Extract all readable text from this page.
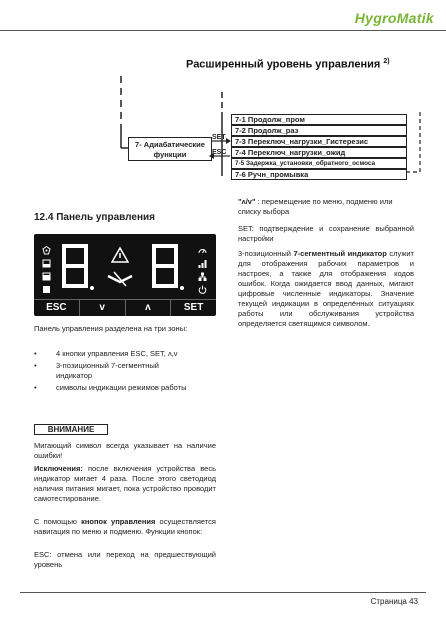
HygroMatik
Расширенный уровень управления $^{2)}$
7- Адиабатические
функции
SET
ESC
7-1 Продолж_пром
7-2 Продолж_раз
7-3 Переключ_нагрузки_Гистерезис
7-4 Переключ_нагрузки_ожид
7-5 Задержка_установки_обратного_осмоса
7-6 Ручн_промывка
12.4 Панель управления
ESC	v	ʌ	SET
Панель управления разделена на три зоны:
•	4 кнопки управления ESC, SET, ʌ,v
•	3-позиционный 7-сегментный индикатор
•	символы индикации режимов работы
ВНИМАНИЕ
Мигающий символ всегда указывает на наличие ошибки!
Исключения: после включения устройства весь индикатор мигает 4 раза. После этого светодиод наличия питания мигает, пока устройство проводит самотестирование.
С помощью кнопок управления осуществляется навигация по меню и подменю. Функции кнопок:
ESC: отмена или переход на предшествующий уровень
"ʌ/v" : перемещение по меню, подменю или списку выбора
SET: подтверждение и сохранение выбранной настройки
3-позиционный 7-сегментный индикатор служит для отображения рабочих параметров и настроек, а также для отображения кодов ошибок. Когда ожидается ввод данных, мигают цифровые численные индикаторы. Значение текущей индикации в определённых ситуациях работы или обслуживания устройства определяется светящимся символом.
Страница 43
